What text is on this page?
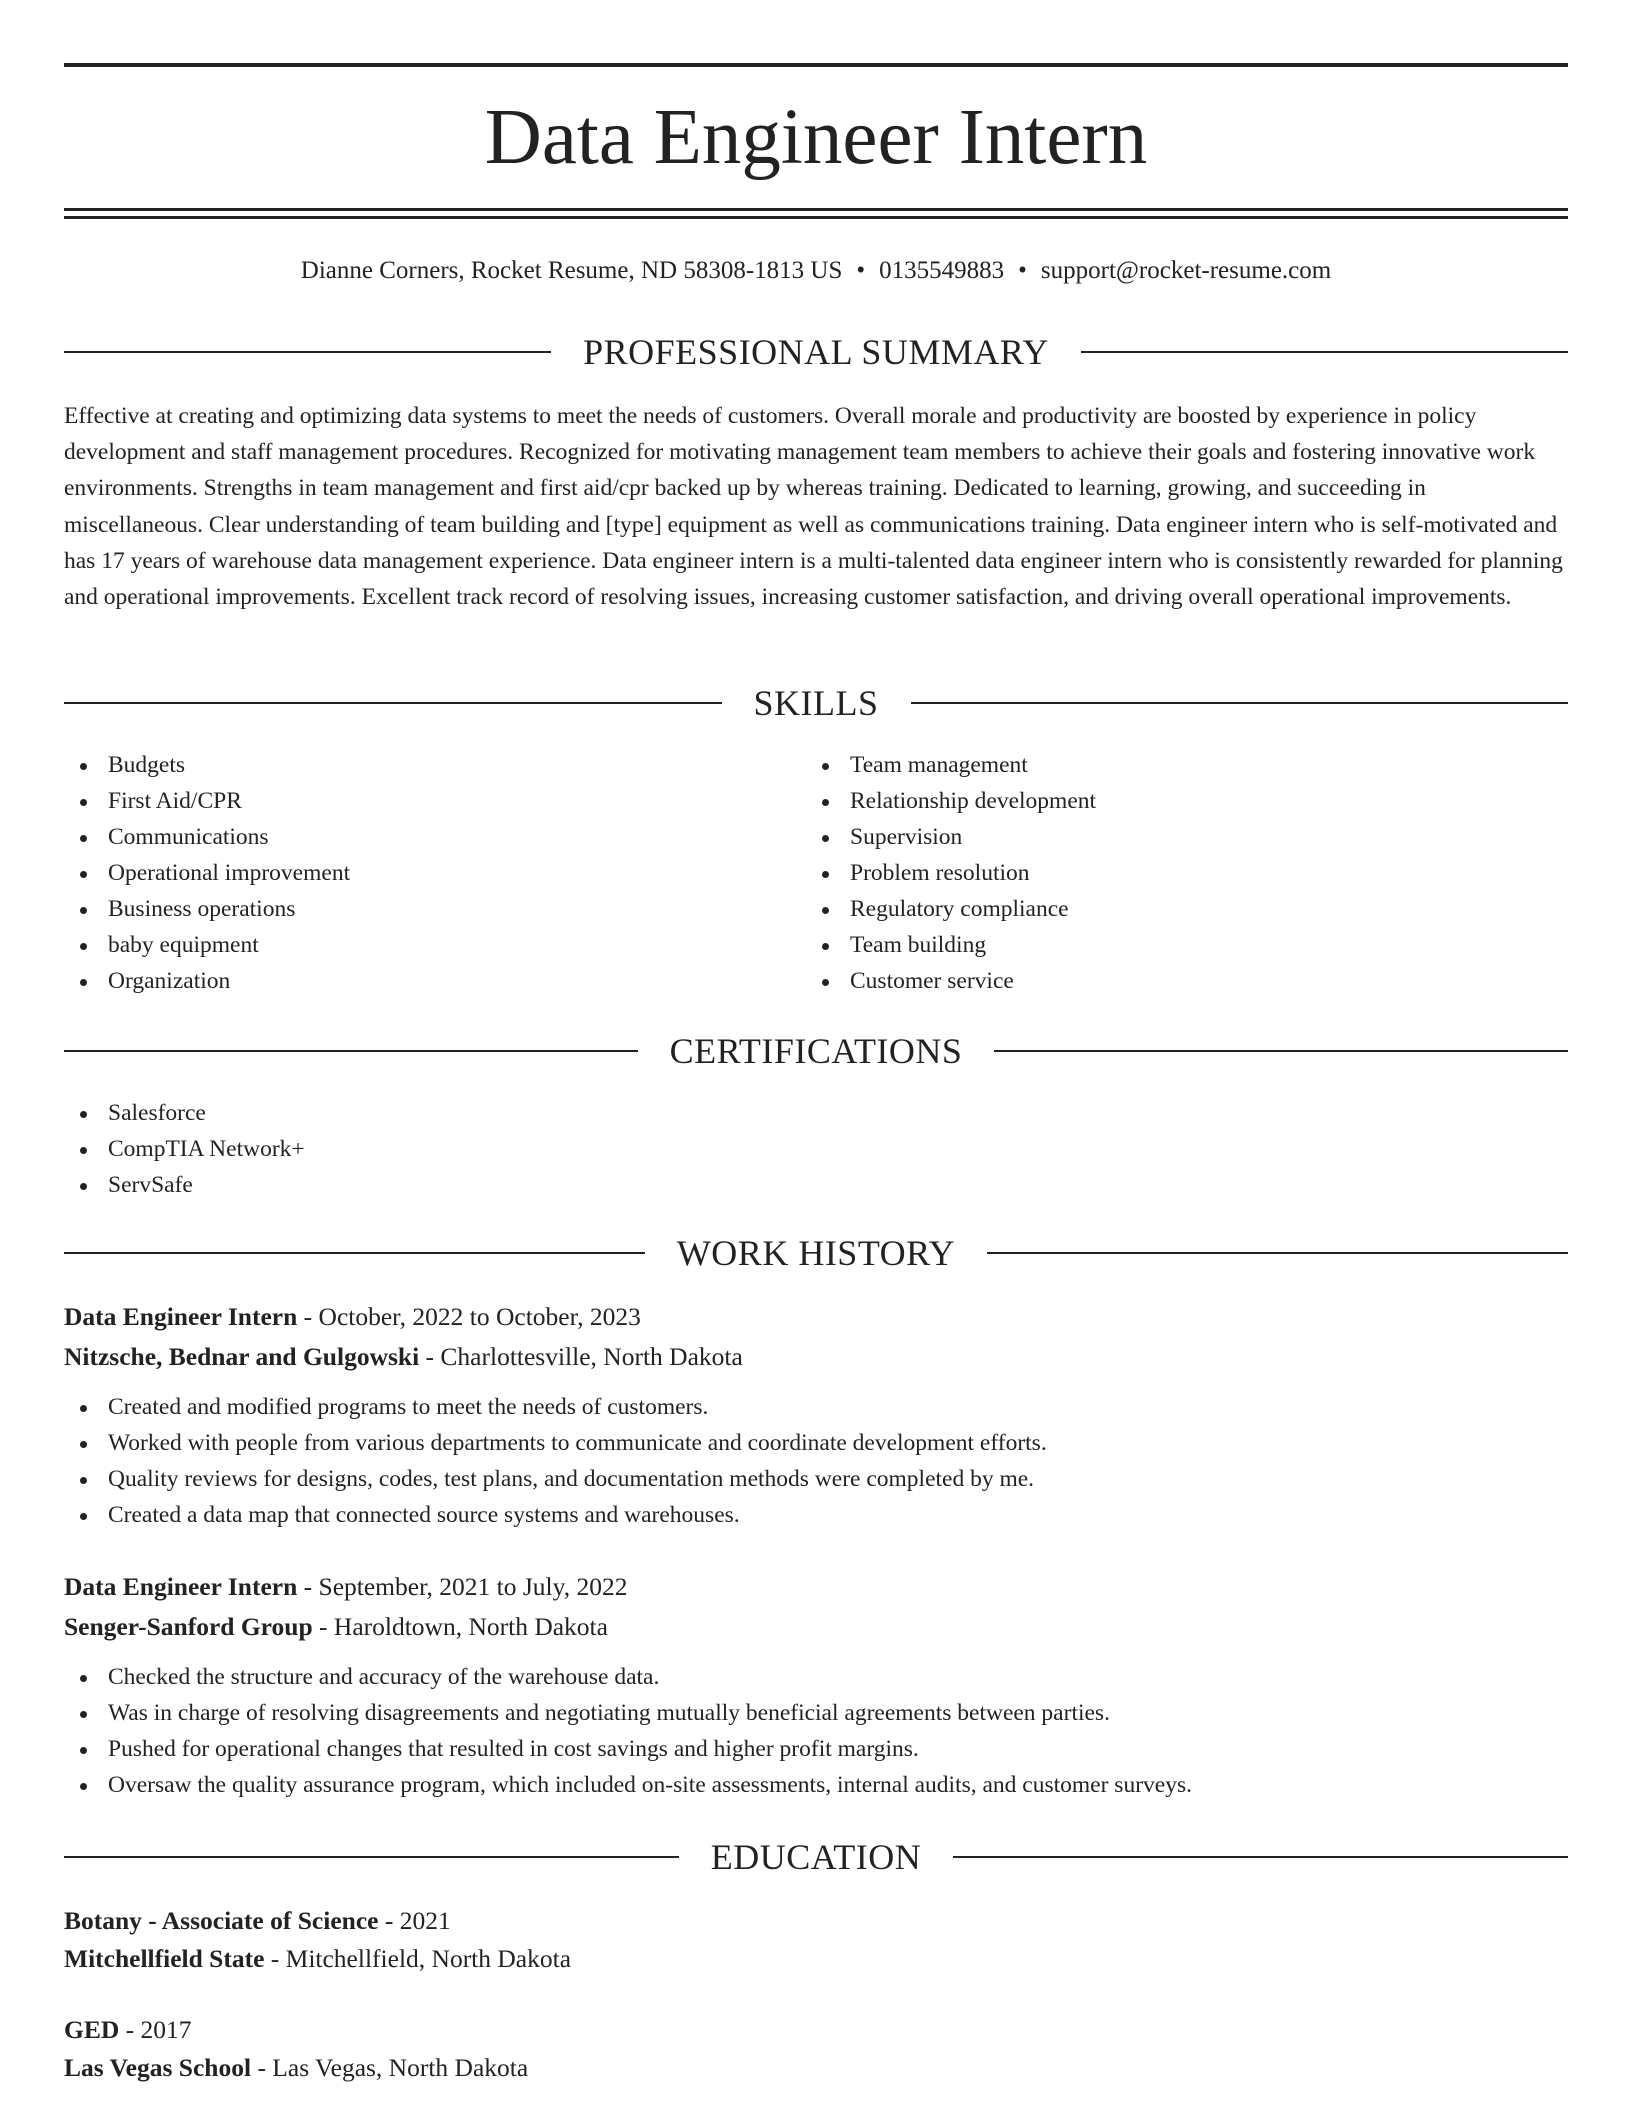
Data Engineer Intern
Dianne Corners, Rocket Resume, ND 58308-1813 US • 0135549883 • support@rocket-resume.com
PROFESSIONAL SUMMARY

Effective at creating and optimizing data systems to meet the needs of customers. Overall morale and productivity are boosted by experience in policy development and staff management procedures. Recognized for motivating management team members to achieve their goals and fostering innovative work environments. Strengths in team management and first aid/cpr backed up by whereas training. Dedicated to learning, growing, and succeeding in miscellaneous. Clear understanding of team building and [type] equipment as well as communications training. Data engineer intern who is self-motivated and has 17 years of warehouse data management experience. Data engineer intern is a multi-talented data engineer intern who is consistently rewarded for planning and operational improvements. Excellent track record of resolving issues, increasing customer satisfaction, and driving overall operational improvements.

SKILLS
Budgets
First Aid/CPR
Communications
Operational improvement
Business operations
baby equipment
Organization
Team management
Relationship development
Supervision
Problem resolution
Regulatory compliance
Team building
Customer service
CERTIFICATIONS
Salesforce
CompTIA Network+
ServSafe
WORK HISTORY
Data Engineer Intern - October, 2022 to October, 2023
Nitzsche, Bednar and Gulgowski - Charlottesville, North Dakota
Created and modified programs to meet the needs of customers.
Worked with people from various departments to communicate and coordinate development efforts.
Quality reviews for designs, codes, test plans, and documentation methods were completed by me.
Created a data map that connected source systems and warehouses.
Data Engineer Intern - September, 2021 to July, 2022
Senger-Sanford Group - Haroldtown, North Dakota
Checked the structure and accuracy of the warehouse data.
Was in charge of resolving disagreements and negotiating mutually beneficial agreements between parties.
Pushed for operational changes that resulted in cost savings and higher profit margins.
Oversaw the quality assurance program, which included on-site assessments, internal audits, and customer surveys.
EDUCATION
Botany - Associate of Science - 2021
Mitchellfield State - Mitchellfield, North Dakota
GED - 2017
Las Vegas School - Las Vegas, North Dakota
